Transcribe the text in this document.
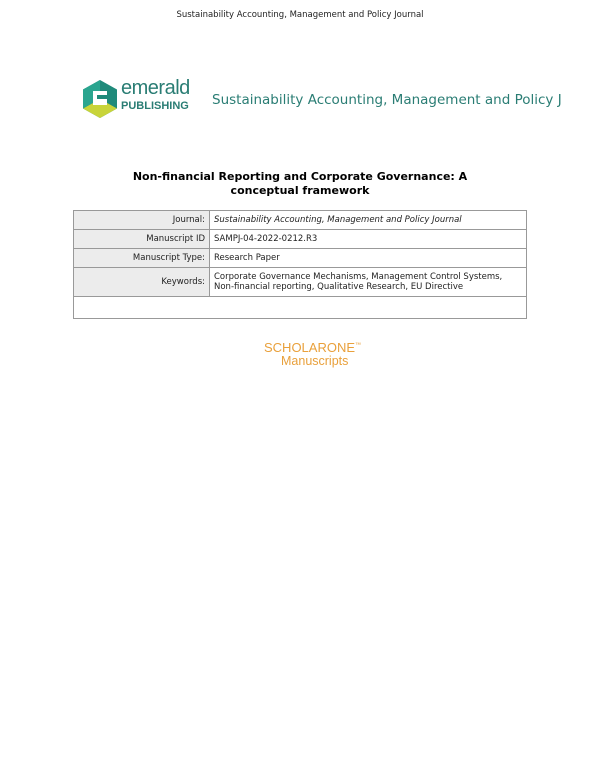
Sustainability Accounting, Management and Policy Journal
emerald
PUBLISHING Sustainability Accounting, Management and Policy J
Non-financial Reporting and Corporate Governance: A conceptual framework
Journal:	Sustainability Accounting, Management and Policy Journal
Manuscript ID	SAMPJ-04-2022-0212.R3
Manuscript Type:	Research Paper
Keywords:	Corporate Governance Mechanisms, Management Control Systems, Non-financial reporting, Qualitative Research, EU Directive

SCHOLARONE™
Manuscripts
